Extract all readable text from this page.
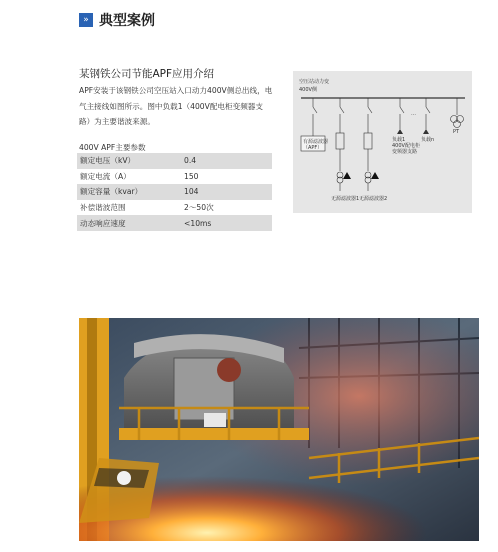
» 典型案例
某钢铁公司节能APF应用介绍
APF安装于该钢铁公司空压站入口动力400V侧总出线，电气主接线如图所示。图中负载1（400V配电柜变频器支路）为主要谐波来源。
400V APF主要参数
额定电压（kV）	0.4
额定电流（A）	150
额定容量（kvar）	104
补偿谐波范围	2～50次
动态响应速度	<10ms
空压站动力变
400V侧
有源滤波器
（APF）
负载1
400V配电柜
变频器支路
负载n
PT
…
无源滤波器1 无源滤波器2
